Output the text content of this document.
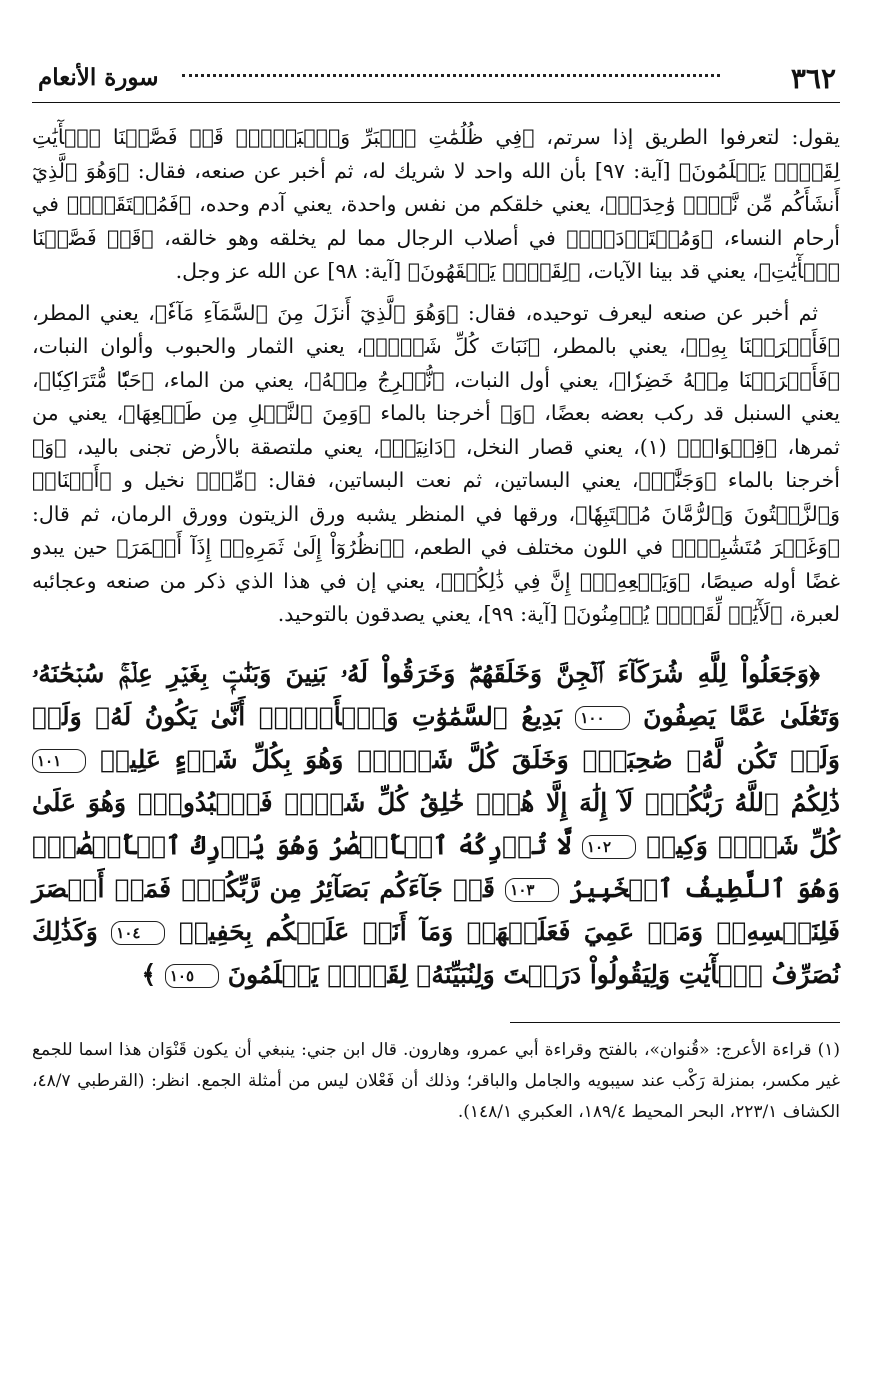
٣٦٢
سورة الأنعام

يقول: لتعرفوا الطريق إذا سرتم، ﴿فِي ظُلُمَٰتِ ٱلۡبَرِّ وَٱلۡبَحۡرِۗ قَدۡ فَصَّلۡنَا ٱلۡأٓيَٰتِ لِقَوۡمٖ يَعۡلَمُونَ﴾ [آية: ٩٧] بأن الله واحد لا شريك له، ثم أخبر عن صنعه، فقال: ﴿وَهُوَ ٱلَّذِيٓ أَنشَأَكُم مِّن نَّفۡسٖ وَٰحِدَةٖ﴾، يعني خلقكم من نفس واحدة، يعني آدم وحده، ﴿فَمُسۡتَقَرّٞ﴾ في أرحام النساء، ﴿وَمُسۡتَوۡدَعٞۗ﴾ في أصلاب الرجال مما لم يخلقه وهو خالقه، ﴿قَدۡ فَصَّلۡنَا ٱلۡأٓيَٰتِ﴾، يعني قد بينا الآيات، ﴿لِقَوۡمٖ يَفۡقَهُونَ﴾ [آية: ٩٨] عن الله عز وجل.

ثم أخبر عن صنعه ليعرف توحيده، فقال: ﴿وَهُوَ ٱلَّذِيٓ أَنزَلَ مِنَ ٱلسَّمَآءِ مَآءٗ﴾، يعني المطر، ﴿فَأَخۡرَجۡنَا بِهِۦ﴾، يعني بالمطر، ﴿نَبَاتَ كُلِّ شَيۡءٖ﴾، يعني الثمار والحبوب وألوان النبات، ﴿فَأَخۡرَجۡنَا مِنۡهُ خَضِرٗا﴾، يعني أول النبات، ﴿نُّخۡرِجُ مِنۡهُ﴾، يعني من الماء، ﴿حَبّٗا مُّتَرَاكِبٗا﴾، يعني السنبل قد ركب بعضه بعضًا، ﴿وَ﴾ أخرجنا بالماء ﴿وَمِنَ ٱلنَّخۡلِ مِن طَلۡعِهَا﴾، يعني من ثمرها، ﴿قِنۡوَانٞ﴾ (١)، يعني قصار النخل، ﴿دَانِيَةٞ﴾، يعني ملتصقة بالأرض تجنى باليد، ﴿وَ﴾ أخرجنا بالماء ﴿وَجَنَّٰتٖ﴾، يعني البساتين، ثم نعت البساتين، فقال: ﴿مِّنۡ﴾ نخيل و ﴿أَعۡنَابٖ وَٱلزَّيۡتُونَ وَٱلرُّمَّانَ مُشۡتَبِهٗا﴾، ورقها في المنظر يشبه ورق الزيتون وورق الرمان، ثم قال: ﴿وَغَيۡرَ مُتَشَٰبِهٍۗ﴾ في اللون مختلف في الطعم، ﴿ٱنظُرُوٓاْ إِلَىٰ ثَمَرِهِۦٓ إِذَآ أَثۡمَرَ﴾ حين يبدو غضًا أوله صيصًا، ﴿وَيَنۡعِهِۦٓۚ إِنَّ فِي ذَٰلِكُمۡ﴾، يعني إن في هذا الذي ذكر من صنعه وعجائبه لعبرة، ﴿لَأٓيَٰتٖ لِّقَوۡمٖ يُؤۡمِنُونَ﴾ [آية: ٩٩]، يعني يصدقون بالتوحيد.

﴿وَجَعَلُواْ لِلَّهِ شُرَكَآءَ ٱلۡجِنَّ وَخَلَقَهُمۡۖ وَخَرَقُواْ لَهُۥ بَنِينَ وَبَنَٰتِۭ بِغَيۡرِ عِلۡمٖۚ سُبۡحَٰنَهُۥ وَتَعَٰلَىٰ عَمَّا يَصِفُونَ ١٠٠ بَدِيعُ ٱلسَّمَٰوَٰتِ وَٱلۡأَرۡضِۖ أَنَّىٰ يَكُونُ لَهُۥ وَلَدٞ وَلَمۡ تَكُن لَّهُۥ صَٰحِبَةٞۖ وَخَلَقَ كُلَّ شَيۡءٖۖ وَهُوَ بِكُلِّ شَيۡءٍ عَلِيمٞ ١٠١ ذَٰلِكُمُ ٱللَّهُ رَبُّكُمۡۖ لَآ إِلَٰهَ إِلَّا هُوَۖ خَٰلِقُ كُلِّ شَيۡءٖ فَٱعۡبُدُوهُۚ وَهُوَ عَلَىٰ كُلِّ شَيۡءٖ وَكِيلٞ ١٠٢ لَّا تُدۡرِكُهُ ٱلۡأَبۡصَٰرُ وَهُوَ يُدۡرِكُ ٱلۡأَبۡصَٰرَۖ وَهُوَ ٱللَّطِيفُ ٱلۡخَبِيرُ ١٠٣ قَدۡ جَآءَكُم بَصَآئِرُ مِن رَّبِّكُمۡۖ فَمَنۡ أَبۡصَرَ فَلِنَفۡسِهِۦۖ وَمَنۡ عَمِيَ فَعَلَيۡهَاۚ وَمَآ أَنَا۠ عَلَيۡكُم بِحَفِيظٖ ١٠٤ وَكَذَٰلِكَ نُصَرِّفُ ٱلۡأٓيَٰتِ وَلِيَقُولُواْ دَرَسۡتَ وَلِنُبَيِّنَهُۥ لِقَوۡمٖ يَعۡلَمُونَ ١٠٥ ﴾

(١) قراءة الأعرج: «قُنوان»، بالفتح وقراءة أبي عمرو، وهارون. قال ابن جني: ينبغي أن يكون قَنْوَان هذا اسما للجمع غير مكسر، بمنزلة رَكْب عند سيبويه والجامل والباقر؛ وذلك أن فَعْلان ليس من أمثلة الجمع. انظر: (القرطبي ٤٨/٧، الكشاف ٢٢٣/١، البحر المحيط ١٨٩/٤، العكبري ١٤٨/١).
